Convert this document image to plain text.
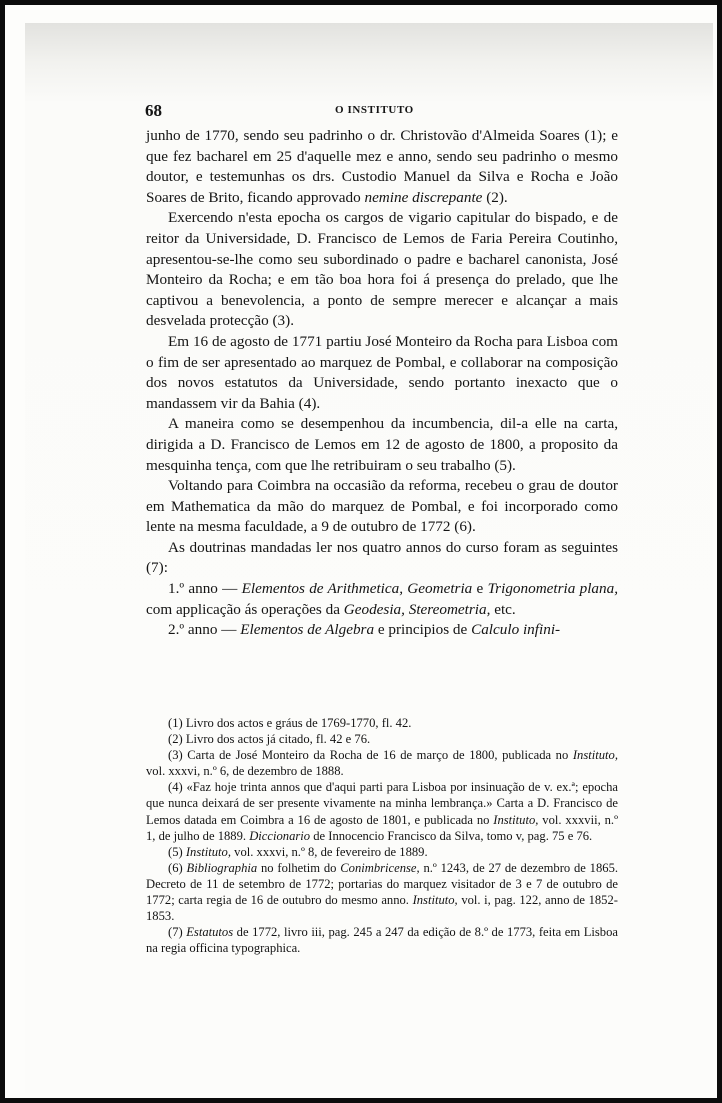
68	O INSTITUTO

junho de 1770, sendo seu padrinho o dr. Christovão d'Almeida Soares (1); e que fez bacharel em 25 d'aquelle mez e anno, sendo seu padrinho o mesmo doutor, e testemunhas os drs. Custodio Manuel da Silva e Rocha e João Soares de Brito, ficando approvado nemine discrepante (2).

Exercendo n'esta epocha os cargos de vigario capitular do bispado, e de reitor da Universidade, D. Francisco de Lemos de Faria Pereira Coutinho, apresentou-se-lhe como seu subordinado o padre e bacharel canonista, José Monteiro da Rocha; e em tão boa hora foi á presença do prelado, que lhe captivou a benevolencia, a ponto de sempre merecer e alcançar a mais desvelada protecção (3).

Em 16 de agosto de 1771 partiu José Monteiro da Rocha para Lisboa com o fim de ser apresentado ao marquez de Pombal, e collaborar na composição dos novos estatutos da Universidade, sendo portanto inexacto que o mandassem vir da Bahia (4).

A maneira como se desempenhou da incumbencia, dil-a elle na carta, dirigida a D. Francisco de Lemos em 12 de agosto de 1800, a proposito da mesquinha tença, com que lhe retribuiram o seu trabalho (5).

Voltando para Coimbra na occasião da reforma, recebeu o grau de doutor em Mathematica da mão do marquez de Pombal, e foi incorporado como lente na mesma faculdade, a 9 de outubro de 1772 (6).

As doutrinas mandadas ler nos quatro annos do curso foram as seguintes (7):

1.º anno — Elementos de Arithmetica, Geometria e Trigonometria plana, com applicação ás operações da Geodesia, Stereometria, etc.

2.º anno — Elementos de Algebra e principios de Calculo infini-

(1) Livro dos actos e gráus de 1769-1770, fl. 42.

(2) Livro dos actos já citado, fl. 42 e 76.

(3) Carta de José Monteiro da Rocha de 16 de março de 1800, publicada no Instituto, vol. xxxvi, n.º 6, de dezembro de 1888.

(4) «Faz hoje trinta annos que d'aqui parti para Lisboa por insinuação de v. ex.ª; epocha que nunca deixará de ser presente vivamente na minha lembrança.» Carta a D. Francisco de Lemos datada em Coimbra a 16 de agosto de 1801, e publicada no Instituto, vol. xxxvii, n.º 1, de julho de 1889. Diccionario de Innocencio Francisco da Silva, tomo v, pag. 75 e 76.

(5) Instituto, vol. xxxvi, n.º 8, de fevereiro de 1889.

(6) Bibliographia no folhetim do Conimbricense, n.º 1243, de 27 de dezembro de 1865. Decreto de 11 de setembro de 1772; portarias do marquez visitador de 3 e 7 de outubro de 1772; carta regia de 16 de outubro do mesmo anno. Instituto, vol. i, pag. 122, anno de 1852-1853.

(7) Estatutos de 1772, livro iii, pag. 245 a 247 da edição de 8.º de 1773, feita em Lisboa na regia officina typographica.
